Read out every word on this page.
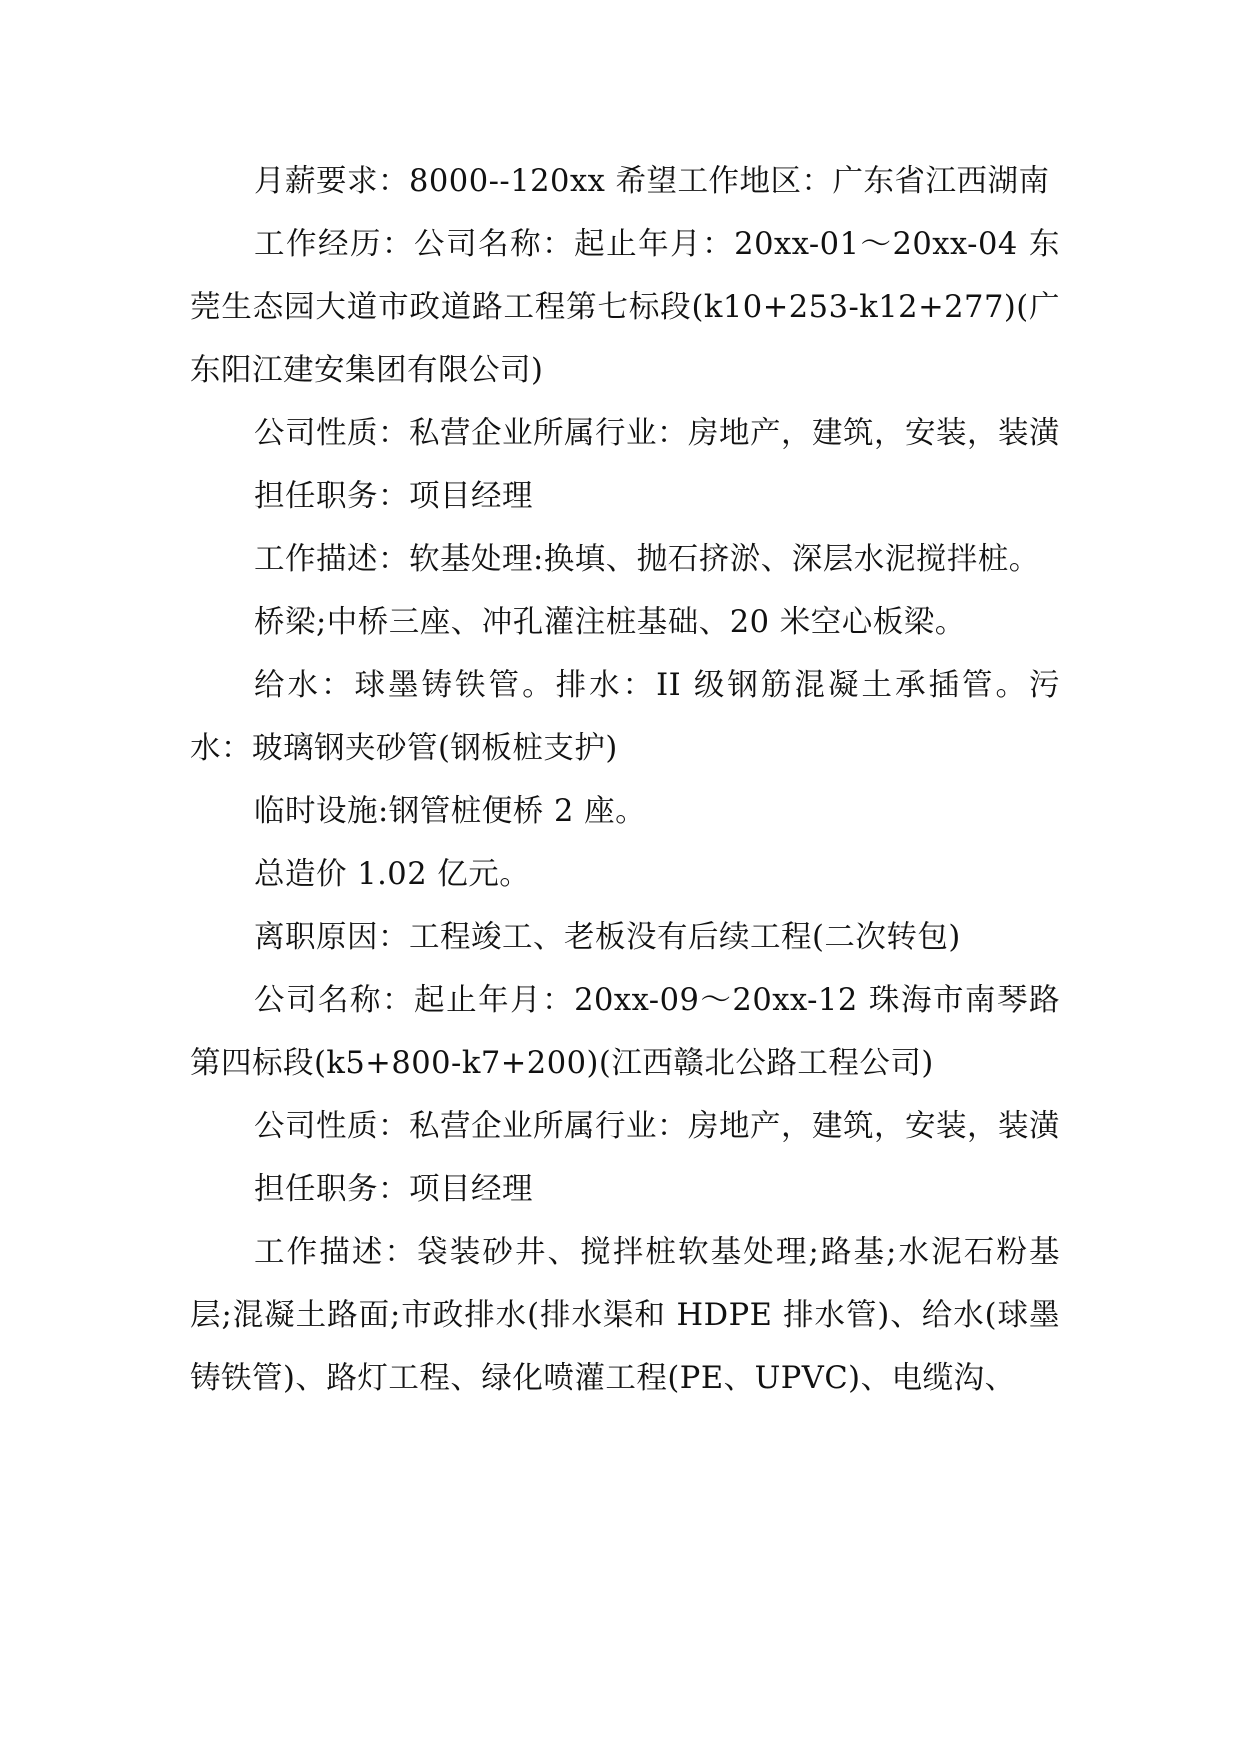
月薪要求：8000--120xx 希望工作地区：广东省江西湖南

工作经历：公司名称：起止年月：20xx-01～20xx-04 东莞生态园大道市政道路工程第七标段(k10+253-k12+277)(广东阳江建安集团有限公司)

公司性质：私营企业所属行业：房地产，建筑，安装，装潢

担任职务：项目经理

工作描述：软基处理:换填、抛石挤淤、深层水泥搅拌桩。

桥梁;中桥三座、冲孔灌注桩基础、20 米空心板梁。

给水：球墨铸铁管。排水：II 级钢筋混凝土承插管。污水：玻璃钢夹砂管(钢板桩支护)

临时设施:钢管桩便桥 2 座。

总造价 1.02 亿元。

离职原因：工程竣工、老板没有后续工程(二次转包)

公司名称：起止年月：20xx-09～20xx-12 珠海市南琴路第四标段(k5+800-k7+200)(江西赣北公路工程公司)

公司性质：私营企业所属行业：房地产，建筑，安装，装潢

担任职务：项目经理

工作描述：袋装砂井、搅拌桩软基处理;路基;水泥石粉基层;混凝土路面;市政排水(排水渠和 HDPE 排水管)、给水(球墨铸铁管)、路灯工程、绿化喷灌工程(PE、UPVC)、电缆沟、
